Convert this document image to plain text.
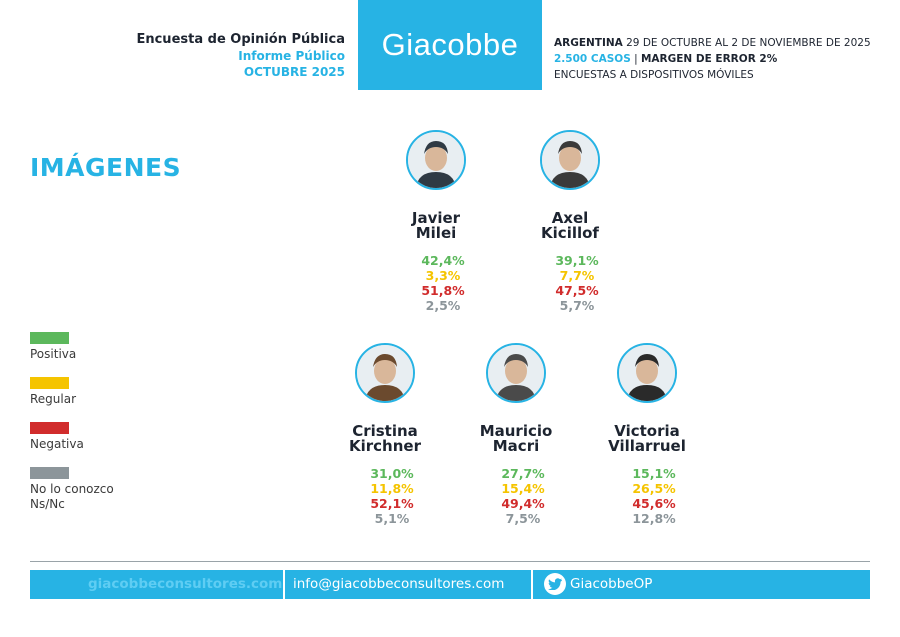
Encuesta de Opinión Pública
Informe Público
OCTUBRE 2025
Giacobbe	ARGENTINA 29 DE OCTUBRE AL 2 DE NOVIEMBRE DE 2025
2.500 CASOS | MARGEN DE ERROR 2%
ENCUESTAS A DISPOSITIVOS MÓVILES
IMÁGENES
Positiva
Regular
Negativa
No lo conozco
Ns/Nc
Javier
Milei
42,4%
3,3%
51,8%
2,5%
Axel
Kicillof
39,1%
7,7%
47,5%
5,7%
Cristina
Kirchner
31,0%
11,8%
52,1%
5,1%
Mauricio
Macri
27,7%
15,4%
49,4%
7,5%
Victoria
Villarruel
15,1%
26,5%
45,6%
12,8%
giacobbeconsultores.com info@giacobbeconsultores.com	GiacobbeOP
